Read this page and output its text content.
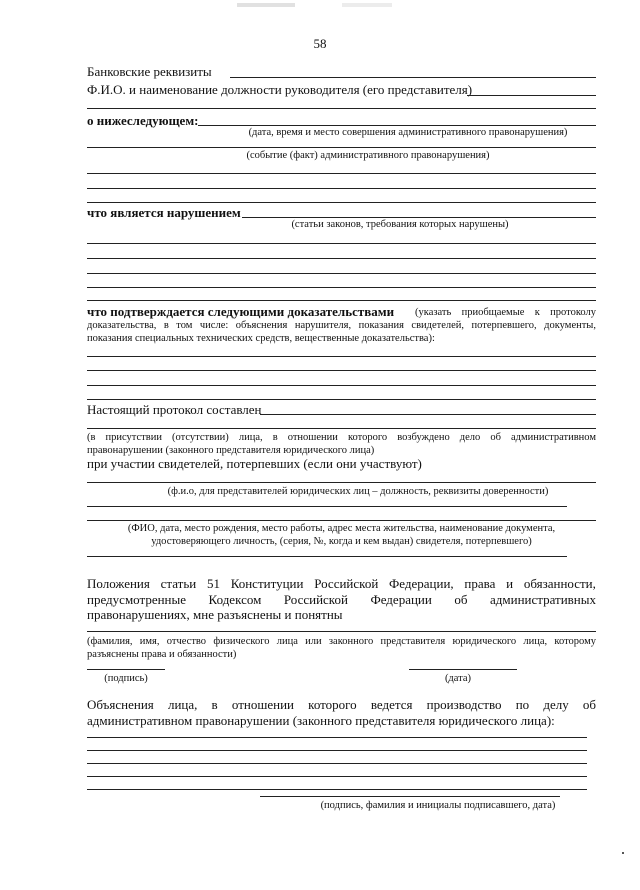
58
Банковские реквизиты
Ф.И.О. и наименование должности руководителя (его представителя)
о нижеследующем:
(дата, время и место совершения административного правонарушения)
(событие (факт) административного правонарушения)
что является нарушением
(статьи законов, требования которых нарушены)
что подтверждается следующими доказательствами (указать приобщаемые к протоколу
доказательства, в том числе: объяснения нарушителя, показания свидетелей, потерпевшего, документы,
показания специальных технических средств, вещественные доказательства):
Настоящий протокол составлен
(в присутствии (отсутствии) лица, в отношении которого возбуждено дело об административном правонарушении (законного представителя юридического лица)
при участии свидетелей, потерпевших (если они участвуют)
(ф.и.о, для представителей юридических лиц – должность, реквизиты доверенности)
(ФИО, дата, место рождения, место работы, адрес места жительства, наименование документа,
удостоверяющего личность, (серия, №, когда и кем выдан) свидетеля, потерпевшего)
Положения статьи 51 Конституции Российской Федерации, права и обязанности,
предусмотренные Кодексом Российской Федерации об административных
правонарушениях, мне разъяснены и понятны
(фамилия, имя, отчество физического лица или законного представителя юридического лица, которому разъяснены права и обязанности)
(подпись)	(дата)
Объяснения лица, в отношении которого ведется производство по делу об административном правонарушении (законного представителя юридического лица):
(подпись, фамилия и инициалы подписавшего, дата)
